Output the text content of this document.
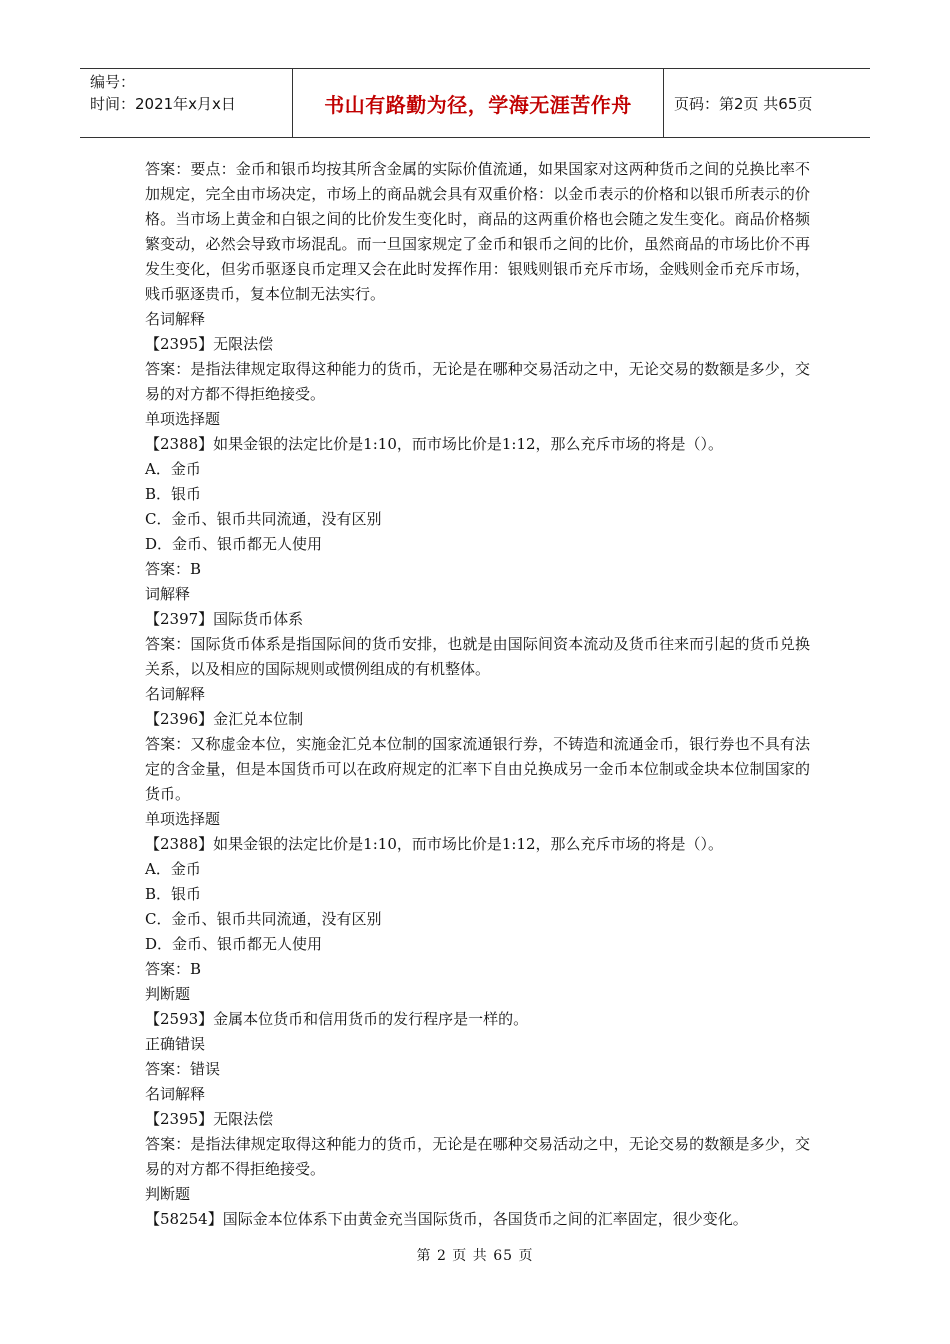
编号：
时间：2021年x月x日	书山有路勤为径，学海无涯苦作舟	页码：第2页 共65页

答案：要点：金币和银币均按其所含金属的实际价值流通，如果国家对这两种货币之间的兑换比率不加规定，完全由市场决定，市场上的商品就会具有双重价格：以金币表示的价格和以银币所表示的价格。当市场上黄金和白银之间的比价发生变化时，商品的这两重价格也会随之发生变化。商品价格频繁变动，必然会导致市场混乱。而一旦国家规定了金币和银币之间的比价，虽然商品的市场比价不再发生变化，但劣币驱逐良币定理又会在此时发挥作用：银贱则银币充斥市场，金贱则金币充斥市场，贱币驱逐贵币，复本位制无法实行。

名词解释

【2395】无限法偿

答案：是指法律规定取得这种能力的货币，无论是在哪种交易活动之中，无论交易的数额是多少，交易的对方都不得拒绝接受。

单项选择题

【2388】如果金银的法定比价是1:10，而市场比价是1:12，那么充斥市场的将是（）。

A．金币

B．银币

C．金币、银币共同流通，没有区别

D．金币、银币都无人使用

答案：B

词解释

【2397】国际货币体系

答案：国际货币体系是指国际间的货币安排，也就是由国际间资本流动及货币往来而引起的货币兑换关系，以及相应的国际规则或惯例组成的有机整体。

名词解释

【2396】金汇兑本位制

答案：又称虚金本位，实施金汇兑本位制的国家流通银行券，不铸造和流通金币，银行券也不具有法定的含金量，但是本国货币可以在政府规定的汇率下自由兑换成另一金币本位制或金块本位制国家的货币。

单项选择题

【2388】如果金银的法定比价是1:10，而市场比价是1:12，那么充斥市场的将是（）。

A．金币

B．银币

C．金币、银币共同流通，没有区别

D．金币、银币都无人使用

答案：B

判断题

【2593】金属本位货币和信用货币的发行程序是一样的。

正确错误

答案：错误

名词解释

【2395】无限法偿

答案：是指法律规定取得这种能力的货币，无论是在哪种交易活动之中，无论交易的数额是多少，交易的对方都不得拒绝接受。

判断题

【58254】国际金本位体系下由黄金充当国际货币，各国货币之间的汇率固定，很少变化。

第 2 页 共 65 页
